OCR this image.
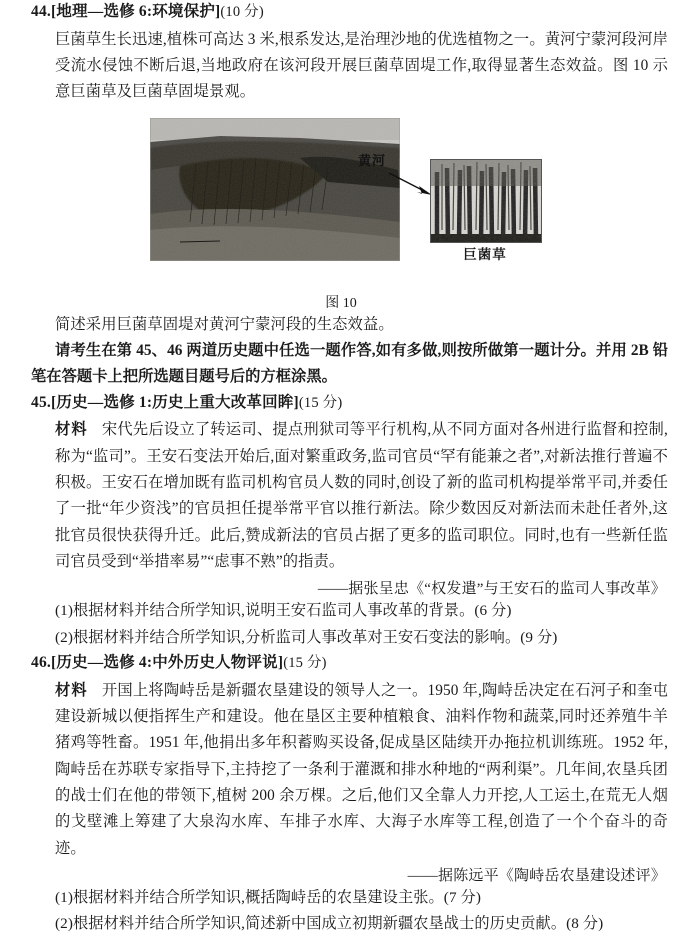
44.[地理—选修 6:环境保护](10 分)

巨菌草生长迅速,植株可高达 3 米,根系发达,是治理沙地的优选植物之一。黄河宁蒙河段河岸受流水侵蚀不断后退,当地政府在该河段开展巨菌草固堤工作,取得显著生态效益。图 10 示意巨菌草及巨菌草固堤景观。

黄河
巨菌草
图 10

简述采用巨菌草固堤对黄河宁蒙河段的生态效益。

请考生在第 45、46 两道历史题中任选一题作答,如有多做,则按所做第一题计分。并用 2B 铅笔在答题卡上把所选题目题号后的方框涂黑。

45.[历史—选修 1:历史上重大改革回眸](15 分)

材料 宋代先后设立了转运司、提点刑狱司等平行机构,从不同方面对各州进行监督和控制,称为“监司”。王安石变法开始后,面对繁重政务,监司官员“罕有能兼之者”,对新法推行普遍不积极。王安石在增加既有监司机构官员人数的同时,创设了新的监司机构提举常平司,并委任了一批“年少资浅”的官员担任提举常平官以推行新法。除少数因反对新法而未赴任者外,这批官员很快获得升迁。此后,赞成新法的官员占据了更多的监司职位。同时,也有一些新任监司官员受到“举措率易”“虑事不熟”的指责。

——据张呈忠《“权发遣”与王安石的监司人事改革》

(1)根据材料并结合所学知识,说明王安石监司人事改革的背景。(6 分)

(2)根据材料并结合所学知识,分析监司人事改革对王安石变法的影响。(9 分)

46.[历史—选修 4:中外历史人物评说](15 分)

材料 开国上将陶峙岳是新疆农垦建设的领导人之一。1950 年,陶峙岳决定在石河子和奎屯建设新城以便指挥生产和建设。他在垦区主要种植粮食、油料作物和蔬菜,同时还养殖牛羊猪鸡等牲畜。1951 年,他捐出多年积蓄购买设备,促成垦区陆续开办拖拉机训练班。1952 年,陶峙岳在苏联专家指导下,主持挖了一条利于灌溉和排水种地的“两利渠”。几年间,农垦兵团的战士们在他的带领下,植树 200 余万棵。之后,他们又全靠人力开挖,人工运土,在荒无人烟的戈壁滩上筹建了大泉沟水库、车排子水库、大海子水库等工程,创造了一个个奋斗的奇迹。

——据陈远平《陶峙岳农垦建设述评》

(1)根据材料并结合所学知识,概括陶峙岳的农垦建设主张。(7 分)

(2)根据材料并结合所学知识,简述新中国成立初期新疆农垦战士的历史贡献。(8 分)
